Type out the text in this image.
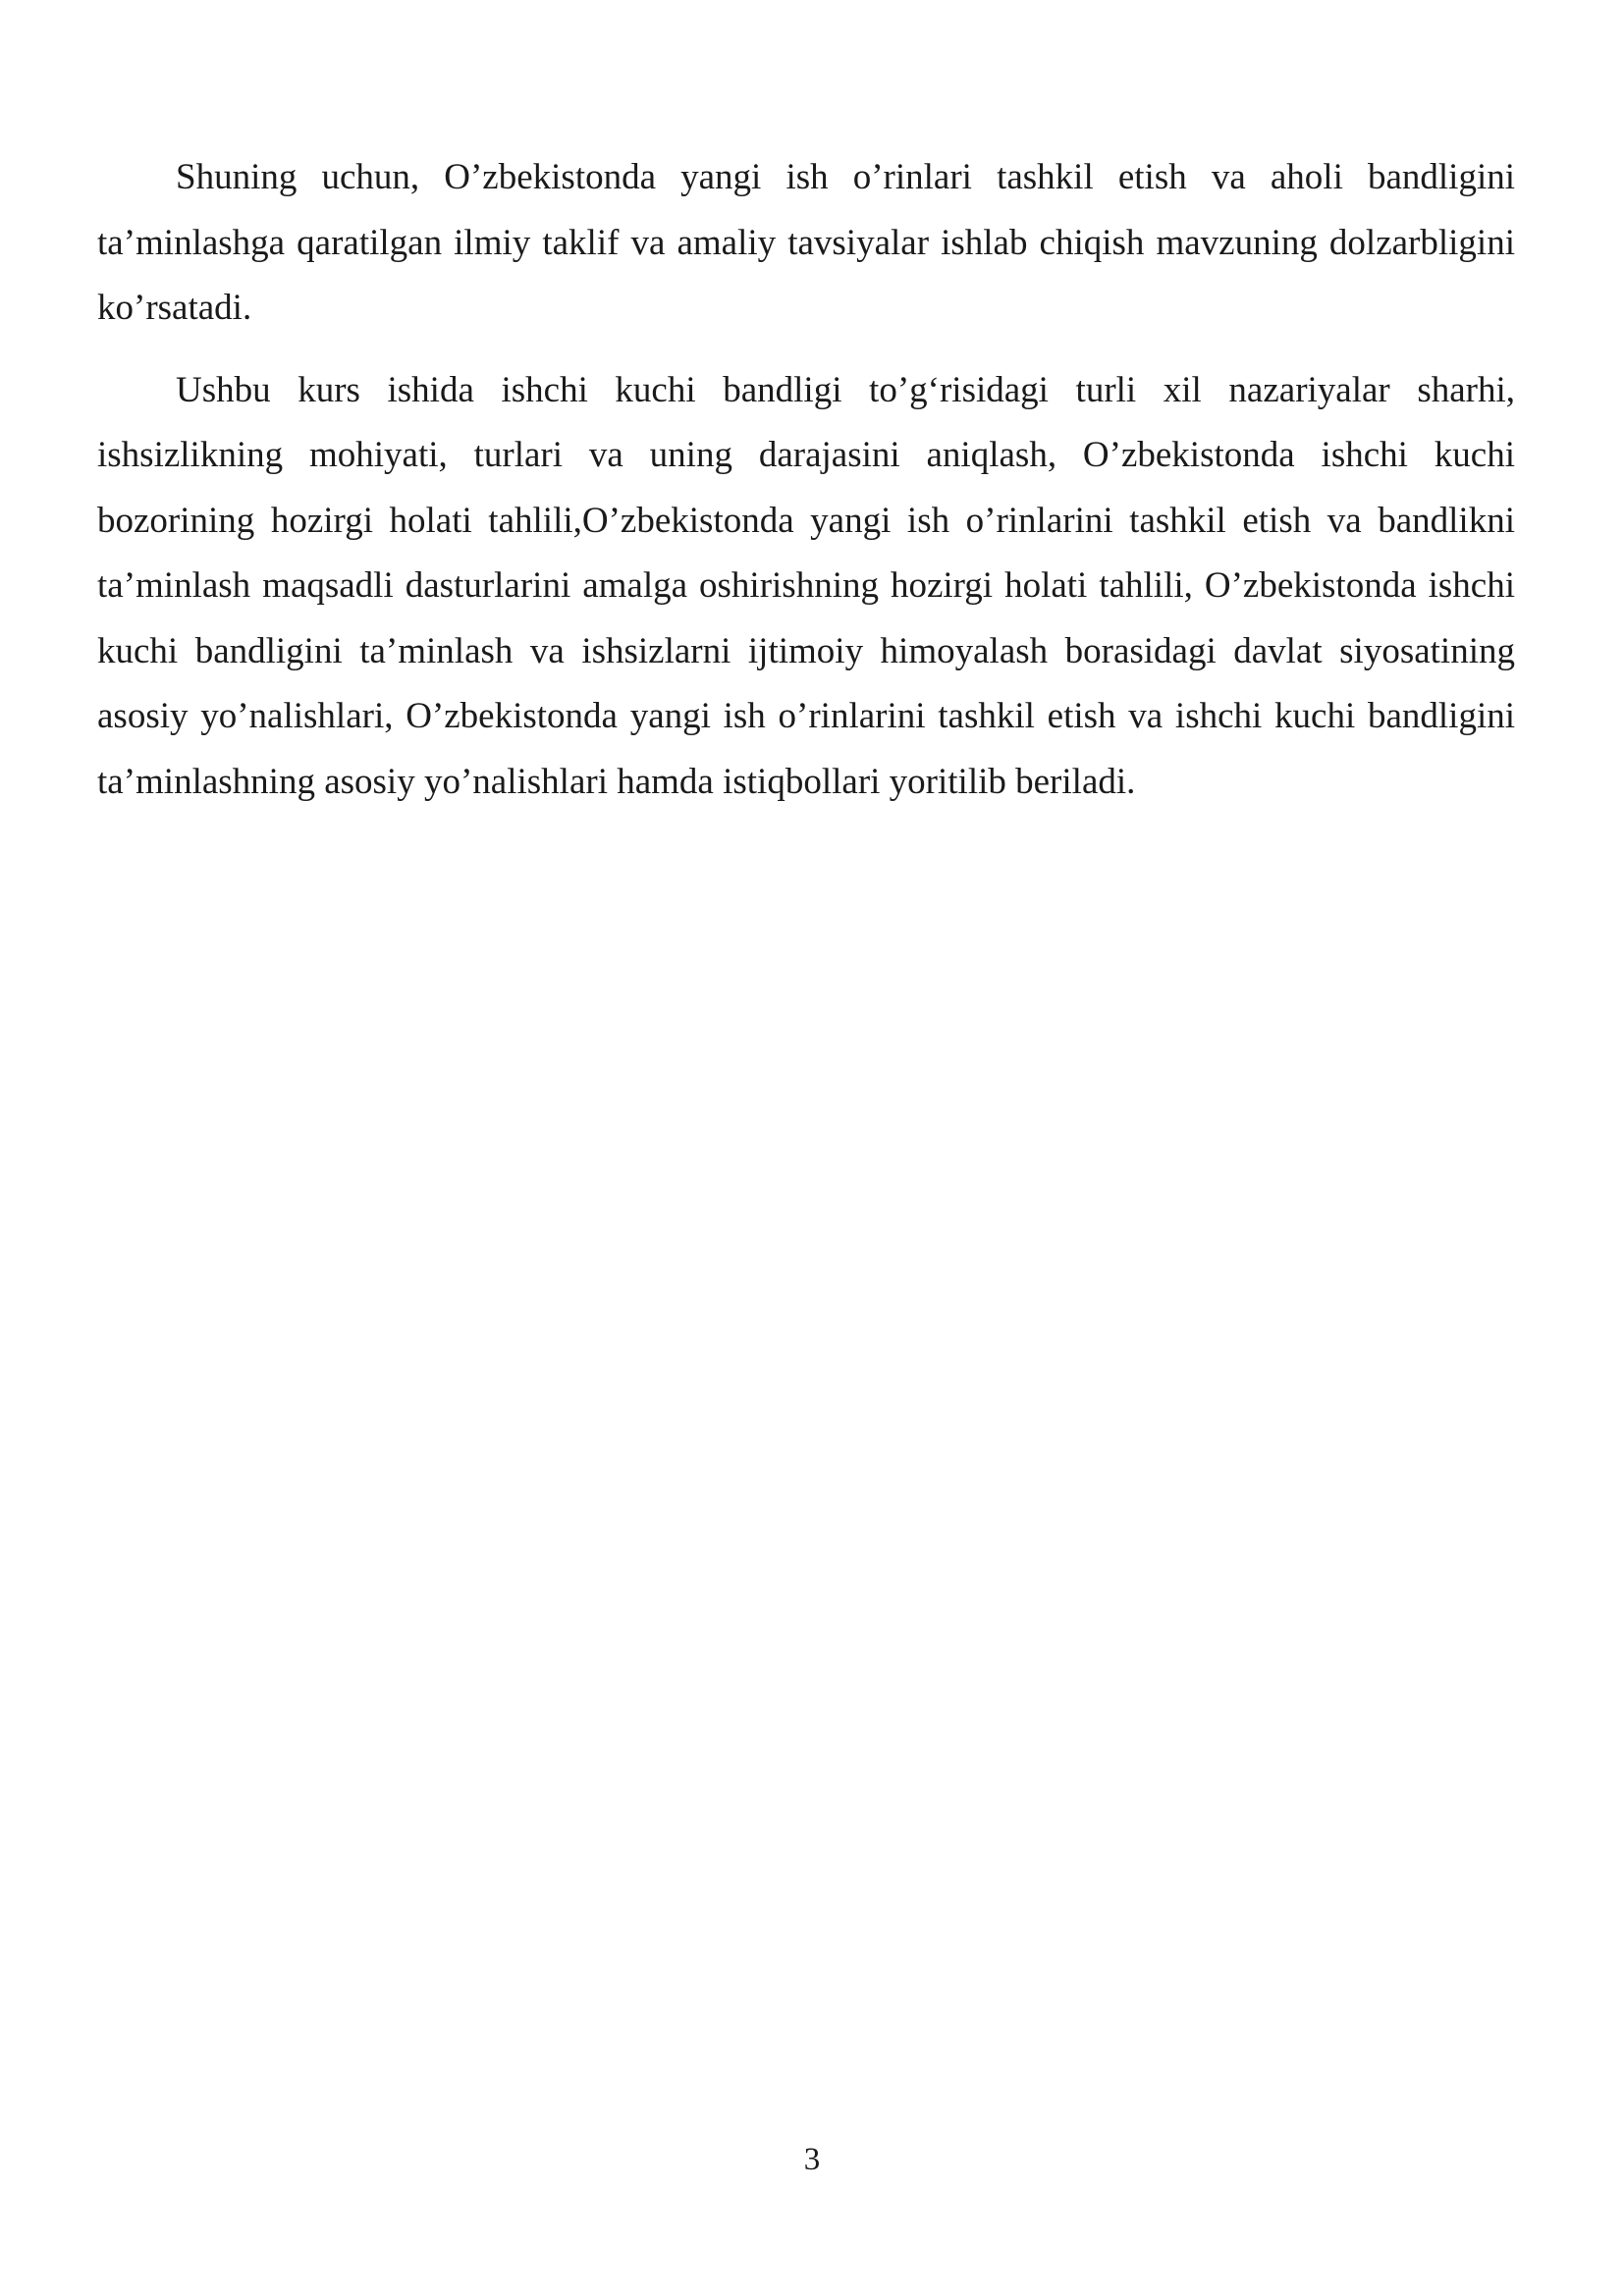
Shuning uchun, O’zbekistonda yangi ish o’rinlari tashkil etish va aholi bandligini ta’minlashga qaratilgan ilmiy taklif va amaliy tavsiyalar ishlab chiqish mavzuning dolzarbligini ko’rsatadi.

Ushbu kurs ishida ishchi kuchi bandligi to’g‘risidagi turli xil nazariyalar sharhi, ishsizlikning mohiyati, turlari va uning darajasini aniqlash, O’zbekistonda ishchi kuchi bozorining hozirgi holati tahlili,O’zbekistonda yangi ish o’rinlarini tashkil etish va bandlikni ta’minlash maqsadli dasturlarini amalga oshirishning hozirgi holati tahlili, O’zbekistonda ishchi kuchi bandligini ta’minlash va ishsizlarni ijtimoiy himoyalash borasidagi davlat siyosatining asosiy yo’nalishlari, O’zbekistonda yangi ish o’rinlarini tashkil etish va ishchi kuchi bandligini ta’minlashning asosiy yo’nalishlari hamda istiqbollari yoritilib beriladi.

3
